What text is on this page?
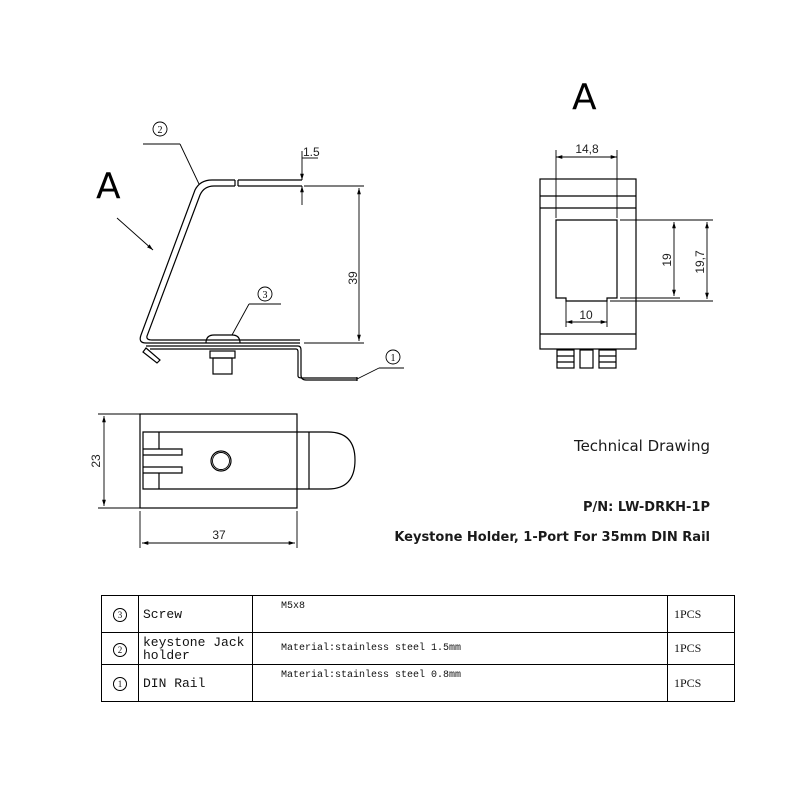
A
1.5
39
2
3
1
A
14,8
19 19,7
10
23
37
Technical Drawing
P/N: LW-DRKH-1P
Keystone Holder, 1-Port For 35mm DIN Rail
3	Screw	M5x8	1PCS
2	keystone Jack holder	Material:stainless steel 1.5mm	1PCS
1	DIN Rail	Material:stainless steel 0.8mm	1PCS
